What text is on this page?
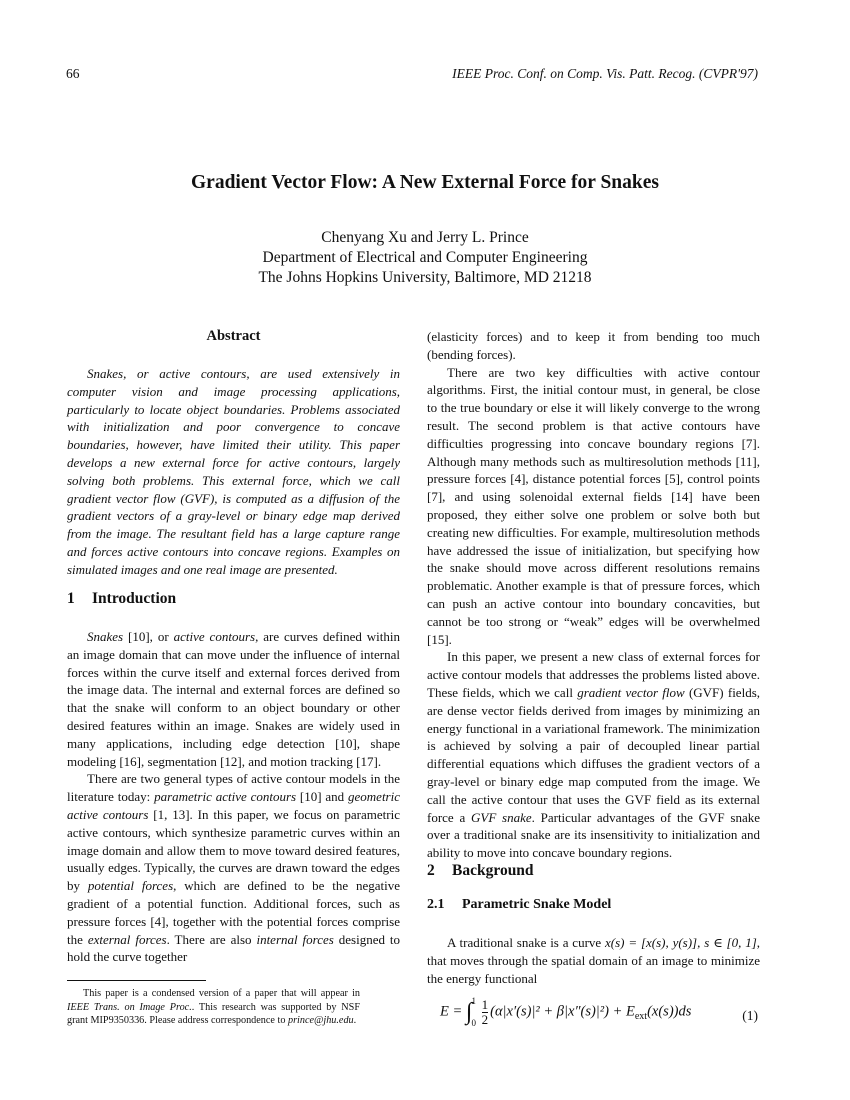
66	IEEE Proc. Conf. on Comp. Vis. Patt. Recog. (CVPR'97)
Gradient Vector Flow: A New External Force for Snakes
Chenyang Xu and Jerry L. Prince
Department of Electrical and Computer Engineering
The Johns Hopkins University, Baltimore, MD 21218
Abstract

Snakes, or active contours, are used extensively in computer vision and image processing applications, particularly to locate object boundaries. Problems associated with initialization and poor convergence to concave boundaries, however, have limited their utility. This paper develops a new external force for active contours, largely solving both problems. This external force, which we call gradient vector flow (GVF), is computed as a diffusion of the gradient vectors of a gray-level or binary edge map derived from the image. The resultant field has a large capture range and forces active contours into concave regions. Examples on simulated images and one real image are presented.

1 Introduction

Snakes [10], or active contours, are curves defined within an image domain that can move under the influence of internal forces within the curve itself and external forces derived from the image data. The internal and external forces are defined so that the snake will conform to an object boundary or other desired features within an image. Snakes are widely used in many applications, including edge detection [10], shape modeling [16], segmentation [12], and motion tracking [17].

There are two general types of active contour models in the literature today: parametric active contours [10] and geometric active contours [1, 13]. In this paper, we focus on parametric active contours, which synthesize parametric curves within an image domain and allow them to move toward desired features, usually edges. Typically, the curves are drawn toward the edges by potential forces, which are defined to be the negative gradient of a potential function. Additional forces, such as pressure forces [4], together with the potential forces comprise the external forces. There are also internal forces designed to hold the curve together

This paper is a condensed version of a paper that will appear in IEEE Trans. on Image Proc.. This research was supported by NSF grant MIP9350336. Please address correspondence to prince@jhu.edu.

(elasticity forces) and to keep it from bending too much (bending forces).

There are two key difficulties with active contour algorithms. First, the initial contour must, in general, be close to the true boundary or else it will likely converge to the wrong result. The second problem is that active contours have difficulties progressing into concave boundary regions [7]. Although many methods such as multiresolution methods [11], pressure forces [4], distance potential forces [5], control points [7], and using solenoidal external fields [14] have been proposed, they either solve one problem or solve both but creating new difficulties. For example, multiresolution methods have addressed the issue of initialization, but specifying how the snake should move across different resolutions remains problematic. Another example is that of pressure forces, which can push an active contour into boundary concavities, but cannot be too strong or “weak” edges will be overwhelmed [15].

In this paper, we present a new class of external forces for active contour models that addresses the problems listed above. These fields, which we call gradient vector flow (GVF) fields, are dense vector fields derived from images by minimizing an energy functional in a variational framework. The minimization is achieved by solving a pair of decoupled linear partial differential equations which diffuses the gradient vectors of a gray-level or binary edge map computed from the image. We call the active contour that uses the GVF field as its external force a GVF snake. Particular advantages of the GVF snake over a traditional snake are its insensitivity to initialization and ability to move into concave boundary regions.

2 Background
2.1 Parametric Snake Model

A traditional snake is a curve x(s) = [x(s), y(s)], s ∈ [0, 1], that moves through the spatial domain of an image to minimize the energy functional

E = ∫ 1
0
$\frac{1}{2} (\alpha|x'(s)|^2 + \beta|x''(s)|^2) + E_{ext}(x(s))ds$	(1)
